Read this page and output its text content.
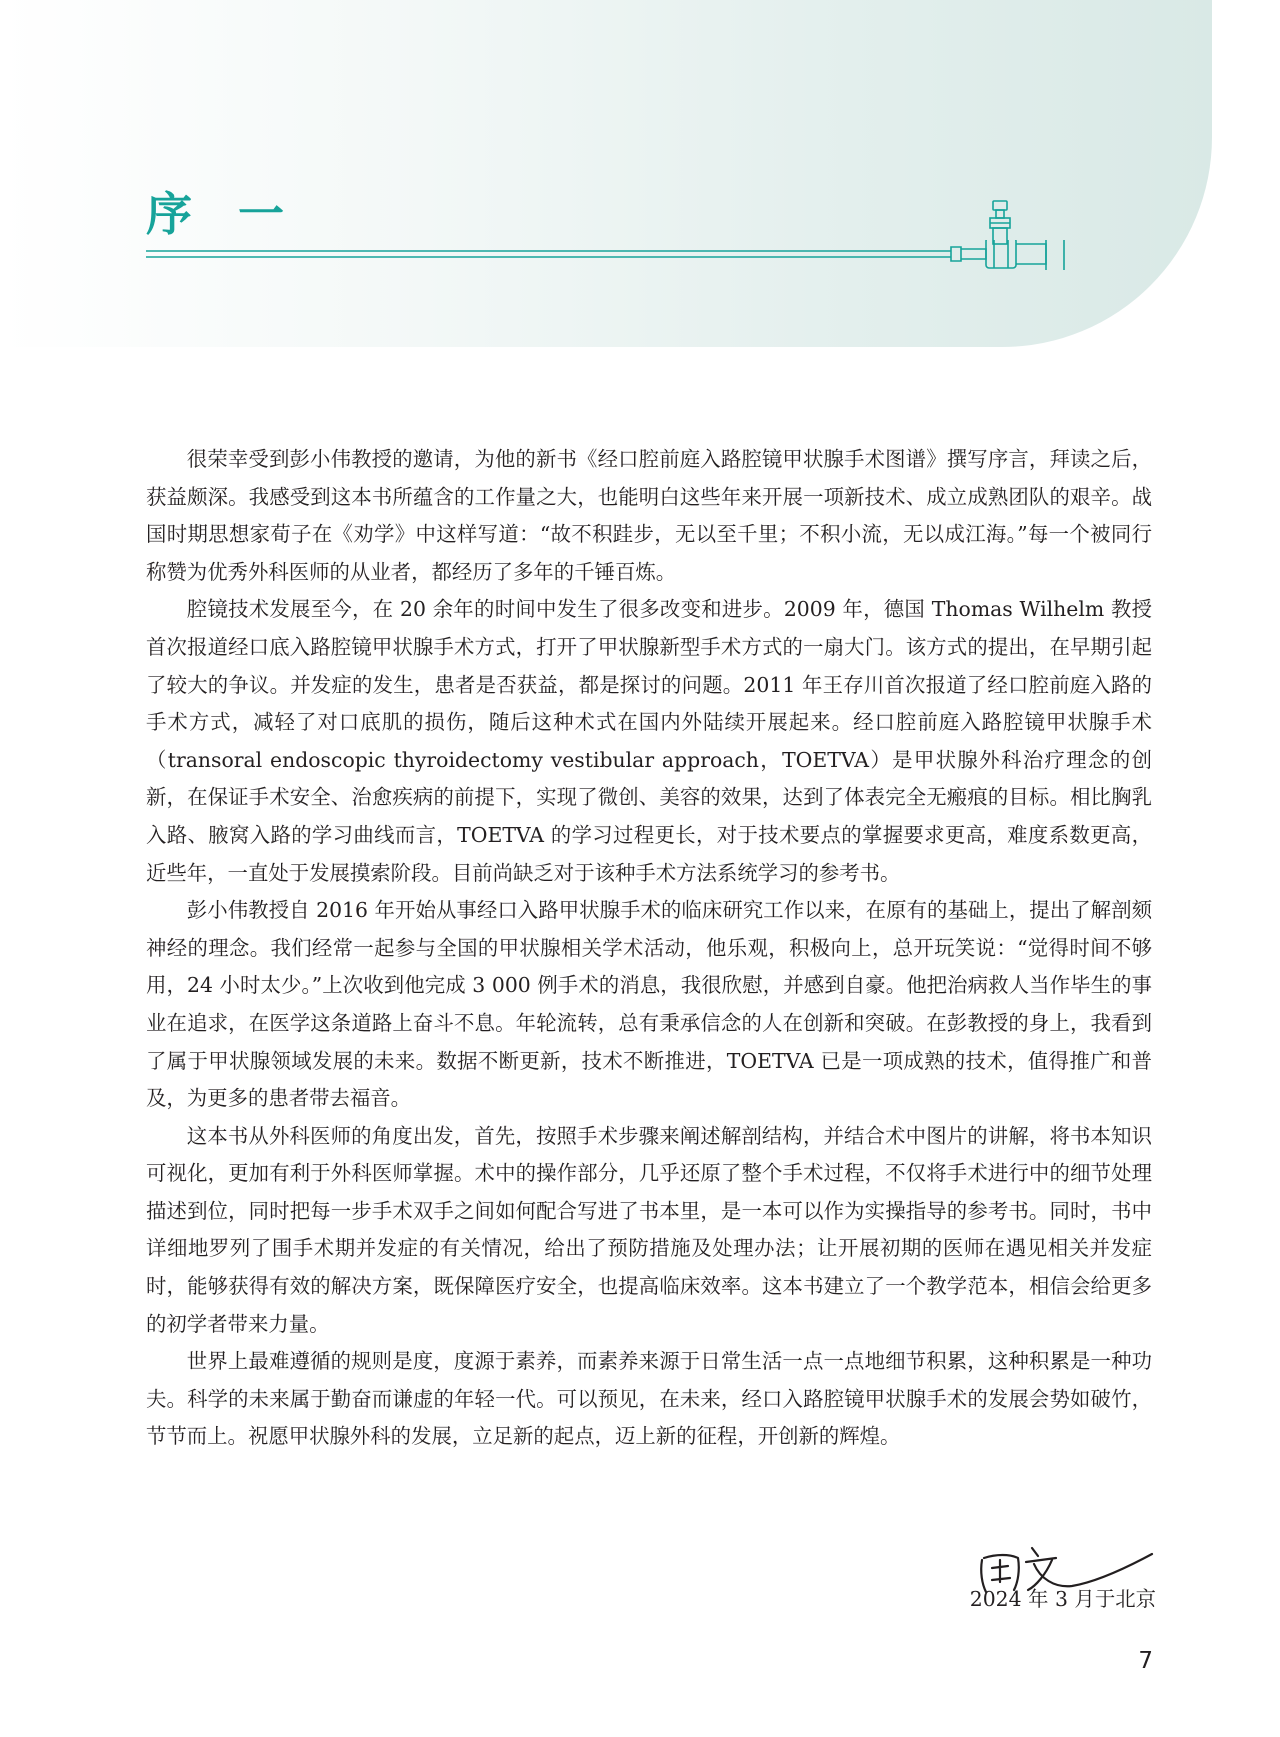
序　一

很荣幸受到彭小伟教授的邀请，为他的新书《经口腔前庭入路腔镜甲状腺手术图谱》撰写序言，拜读之后，获益颇深。我感受到这本书所蕴含的工作量之大，也能明白这些年来开展一项新技术、成立成熟团队的艰辛。战国时期思想家荀子在《劝学》中这样写道：“故不积跬步，无以至千里；不积小流，无以成江海。”每一个被同行称赞为优秀外科医师的从业者，都经历了多年的千锤百炼。

腔镜技术发展至今，在 20 余年的时间中发生了很多改变和进步。2009 年，德国 Thomas Wilhelm 教授首次报道经口底入路腔镜甲状腺手术方式，打开了甲状腺新型手术方式的一扇大门。该方式的提出，在早期引起了较大的争议。并发症的发生，患者是否获益，都是探讨的问题。2011 年王存川首次报道了经口腔前庭入路的手术方式，减轻了对口底肌的损伤，随后这种术式在国内外陆续开展起来。经口腔前庭入路腔镜甲状腺手术（transoral endoscopic thyroidectomy vestibular approach，TOETVA）是甲状腺外科治疗理念的创新，在保证手术安全、治愈疾病的前提下，实现了微创、美容的效果，达到了体表完全无瘢痕的目标。相比胸乳入路、腋窝入路的学习曲线而言，TOETVA 的学习过程更长，对于技术要点的掌握要求更高，难度系数更高，近些年，一直处于发展摸索阶段。目前尚缺乏对于该种手术方法系统学习的参考书。

彭小伟教授自 2016 年开始从事经口入路甲状腺手术的临床研究工作以来，在原有的基础上，提出了解剖颏神经的理念。我们经常一起参与全国的甲状腺相关学术活动，他乐观，积极向上，总开玩笑说：“觉得时间不够用，24 小时太少。”上次收到他完成 3 000 例手术的消息，我很欣慰，并感到自豪。他把治病救人当作毕生的事业在追求，在医学这条道路上奋斗不息。年轮流转，总有秉承信念的人在创新和突破。在彭教授的身上，我看到了属于甲状腺领域发展的未来。数据不断更新，技术不断推进，TOETVA 已是一项成熟的技术，值得推广和普及，为更多的患者带去福音。

这本书从外科医师的角度出发，首先，按照手术步骤来阐述解剖结构，并结合术中图片的讲解，将书本知识可视化，更加有利于外科医师掌握。术中的操作部分，几乎还原了整个手术过程，不仅将手术进行中的细节处理描述到位，同时把每一步手术双手之间如何配合写进了书本里，是一本可以作为实操指导的参考书。同时，书中详细地罗列了围手术期并发症的有关情况，给出了预防措施及处理办法；让开展初期的医师在遇见相关并发症时，能够获得有效的解决方案，既保障医疗安全，也提高临床效率。这本书建立了一个教学范本，相信会给更多的初学者带来力量。

世界上最难遵循的规则是度，度源于素养，而素养来源于日常生活一点一点地细节积累，这种积累是一种功夫。科学的未来属于勤奋而谦虚的年轻一代。可以预见，在未来，经口入路腔镜甲状腺手术的发展会势如破竹，节节而上。祝愿甲状腺外科的发展，立足新的起点，迈上新的征程，开创新的辉煌。

2024 年 3 月于北京
7
